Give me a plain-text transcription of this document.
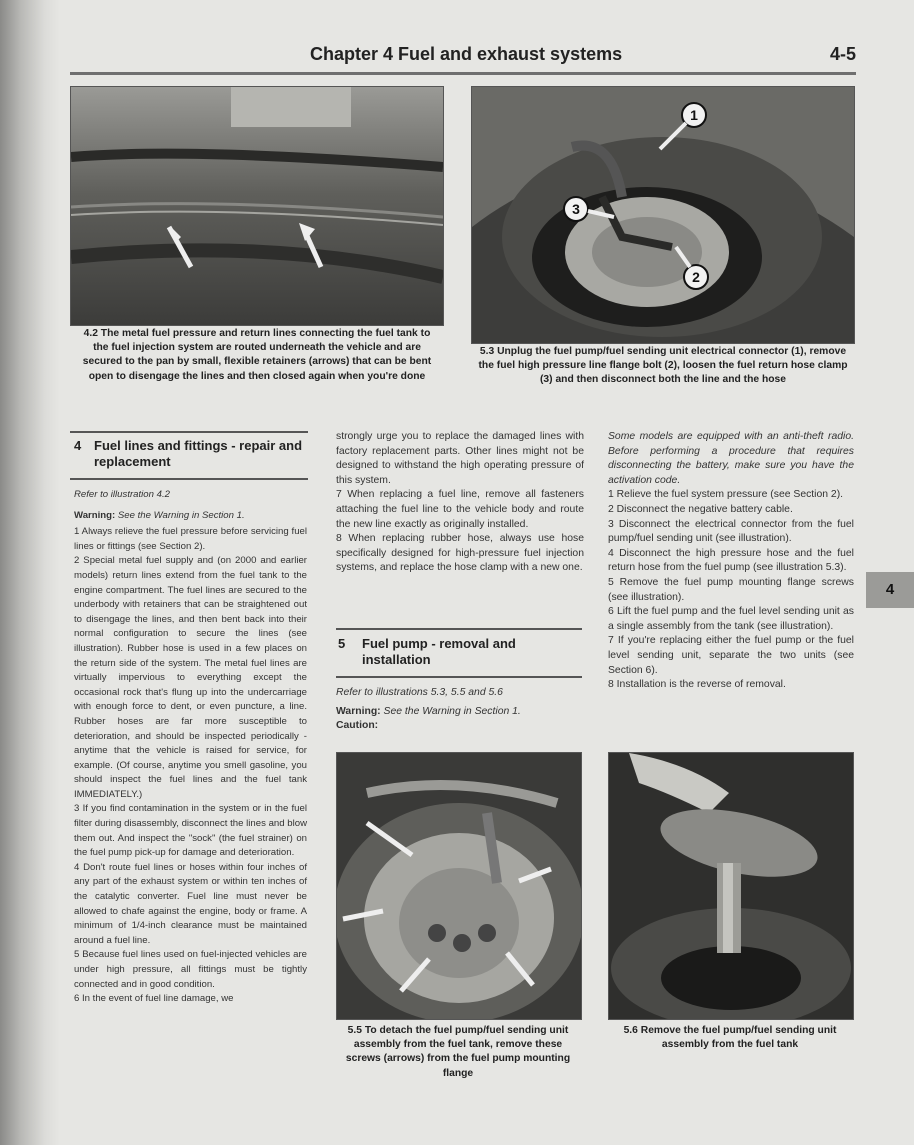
Chapter 4 Fuel and exhaust systems	4-5
4.2 The metal fuel pressure and return lines connecting the fuel tank to the fuel injection system are routed underneath the vehicle and are secured to the pan by small, flexible retainers (arrows) that can be bent open to disengage the lines and then closed again when you're done
1
3
2
5.3 Unplug the fuel pump/fuel sending unit electrical connector (1), remove the fuel high pressure line flange bolt (2), loosen the fuel return hose clamp (3) and then disconnect both the line and the hose
4 Fuel lines and fittings - repair and
replacement

Refer to illustration 4.2

Warning: See the Warning in Section 1.

1 Always relieve the fuel pressure before servicing fuel lines or fittings (see Section 2).

2 Special metal fuel supply and (on 2000 and earlier models) return lines extend from the fuel tank to the engine compartment. The fuel lines are secured to the underbody with retainers that can be straightened out to disengage the lines, and then bent back into their normal configuration to secure the lines (see illustration). Rubber hose is used in a few places on the return side of the system. The metal fuel lines are virtually impervious to everything except the occasional rock that's flung up into the undercarriage with enough force to dent, or even puncture, a line. Rubber hoses are far more susceptible to deterioration, and should be inspected periodically - anytime that the vehicle is raised for service, for example. (Of course, anytime you smell gasoline, you should inspect the fuel lines and the fuel tank IMMEDIATELY.)

3 If you find contamination in the system or in the fuel filter during disassembly, disconnect the lines and blow them out. And inspect the "sock" (the fuel strainer) on the fuel pump pick-up for damage and deterioration.

4 Don't route fuel lines or hoses within four inches of any part of the exhaust system or within ten inches of the catalytic converter. Fuel line must never be allowed to chafe against the engine, body or frame. A minimum of 1/4-inch clearance must be maintained around a fuel line.

5 Because fuel lines used on fuel-injected vehicles are under high pressure, all fittings must be tightly connected and in good condition.

6 In the event of fuel line damage, we

strongly urge you to replace the damaged lines with factory replacement parts. Other lines might not be designed to withstand the high operating pressure of this system.

7 When replacing a fuel line, remove all fasteners attaching the fuel line to the vehicle body and route the new line exactly as originally installed.

8 When replacing rubber hose, always use hose specifically designed for high-pressure fuel injection systems, and replace the hose clamp with a new one.

5 Fuel pump - removal and
installation

Refer to illustrations 5.3, 5.5 and 5.6

Warning: See the Warning in Section 1.

Caution:

Some models are equipped with an anti-theft radio. Before performing a procedure that requires disconnecting the battery, make sure you have the activation code.

1 Relieve the fuel system pressure (see Section 2).

2 Disconnect the negative battery cable.

3 Disconnect the electrical connector from the fuel pump/fuel sending unit (see illustration).

4 Disconnect the high pressure hose and the fuel return hose from the fuel pump (see illustration 5.3).

5 Remove the fuel pump mounting flange screws (see illustration).

6 Lift the fuel pump and the fuel level sending unit as a single assembly from the tank (see illustration).

7 If you're replacing either the fuel pump or the fuel level sending unit, separate the two units (see Section 6).

8 Installation is the reverse of removal.

5.5 To detach the fuel pump/fuel sending unit assembly from the fuel tank, remove these screws (arrows) from the fuel pump mounting flange
5.6 Remove the fuel pump/fuel sending unit assembly from the fuel tank
4
